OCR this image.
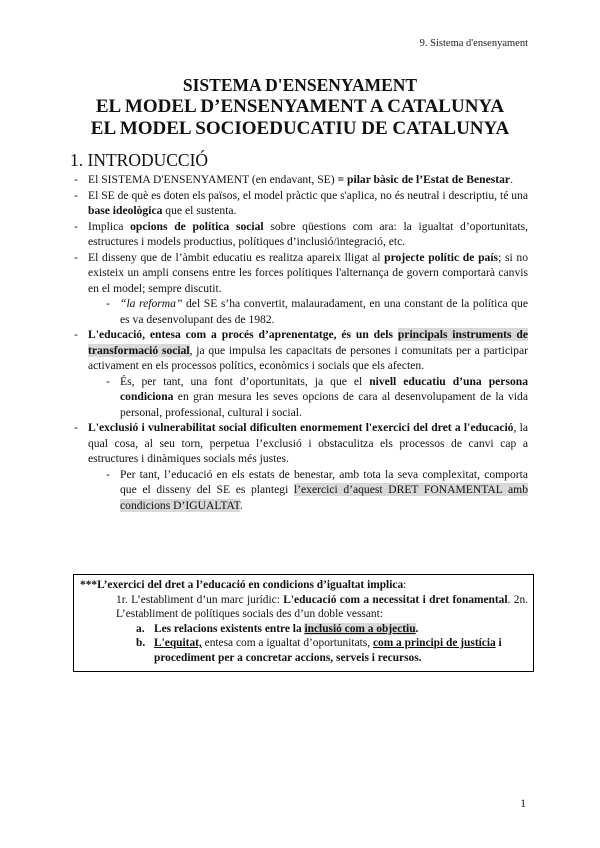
9. Sistema d'ensenyament
SISTEMA D'ENSENYAMENT
EL MODEL D’ENSENYAMENT A CATALUNYA
EL MODEL SOCIOEDUCATIU DE CATALUNYA
1. INTRODUCCIÓ
- El SISTEMA D'ENSENYAMENT (en endavant, SE) = pilar bàsic de l’Estat de Benestar.
- El SE de què es doten els països, el model pràctic que s'aplica, no és neutral i descriptiu, té una base ideològica que el sustenta.
- Implica opcions de política social sobre qüestions com ara: la igualtat d’oportunitats, estructures i models productius, polítiques d’inclusió/integració, etc.
- El disseny que de l’àmbit educatiu es realitza apareix lligat al projecte polític de país; si no existeix un ampli consens entre les forces polítiques l'alternança de govern comportarà canvis en el model; sempre discutit.
- “la reforma” del SE s’ha convertit, malauradament, en una constant de la política que es va desenvolupant des de 1982.
- L'educació, entesa com a procés d’aprenentatge, és un dels principals instruments de transformació social, ja que impulsa les capacitats de persones i comunitats per a participar activament en els processos polítics, econòmics i socials que els afecten.
- És, per tant, una font d’oportunitats, ja que el nivell educatiu d’una persona condiciona en gran mesura les seves opcions de cara al desenvolupament de la vida personal, professional, cultural i social.
- L'exclusió i vulnerabilitat social dificulten enormement l'exercici del dret a l'educació, la qual cosa, al seu torn, perpetua l’exclusió i obstaculitza els processos de canvi cap a estructures i dinàmiques socials més justes.
- Per tant, l’educació en els estats de benestar, amb tota la seva complexitat, comporta que el disseny del SE es plantegi l’exercici d’aquest DRET FONAMENTAL amb condicions D’IGUALTAT.
***L’exercici del dret a l’educació en condicions d’igualtat implica:
1r. L’establiment d’un marc jurídic: L'educació com a necessitat i dret fonamental. 2n. L’establiment de polítiques socials des d’un doble vessant:
a. Les relacions existents entre la inclusió com a objectiu.
b. L'equitat, entesa com a igualtat d’oportunitats, com a principi de justícia i procediment per a concretar accions, serveis i recursos.
1
